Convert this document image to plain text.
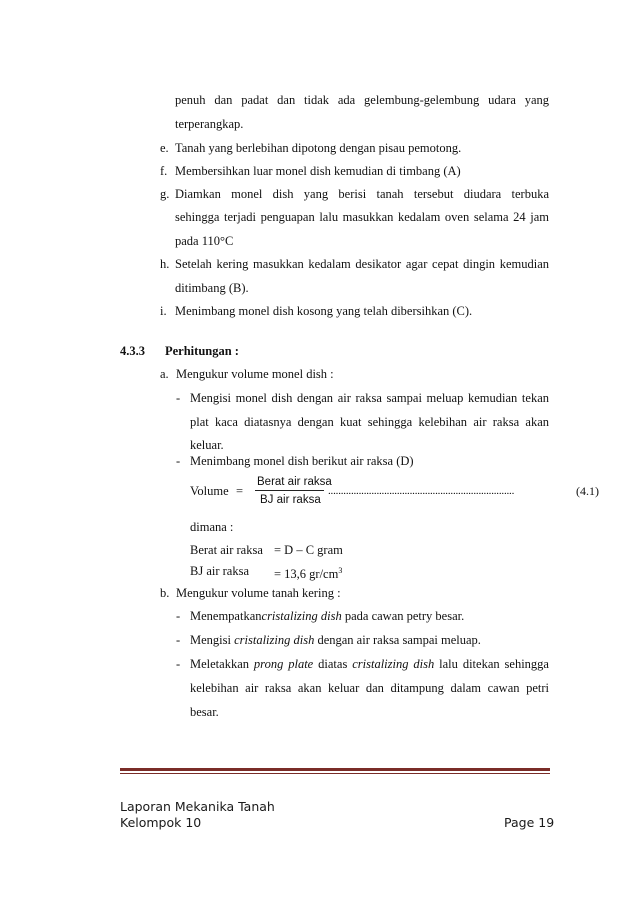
penuh dan padat dan tidak ada gelembung-gelembung udara yang
terperangkap.
e. Tanah yang berlebihan dipotong dengan pisau pemotong.
f. Membersihkan luar monel dish kemudian di timbang (A)
g. Diamkan monel dish yang berisi tanah tersebut diudara terbuka
sehingga terjadi penguapan lalu masukkan kedalam oven selama 24 jam
pada 110°C
h. Setelah kering masukkan kedalam desikator agar cepat dingin kemudian
ditimbang (B).
i. Menimbang monel dish kosong yang telah dibersihkan (C).
4.3.3 Perhitungan :
a. Mengukur volume monel dish :
- Mengisi monel dish dengan air raksa sampai meluap kemudian tekan
plat kaca diatasnya dengan kuat sehingga kelebihan air raksa akan
keluar.
- Menimbang monel dish berikut air raksa (D)
Volume =
Berat air raksa
BJ air raksa
.........................................................................	(4.1)
dimana :
Berat air raksa = D – C gram
BJ air raksa = 13,6 $gr/cm^3$
b. Mengukur volume tanah kering :
- Menempatkancristalizing dish pada cawan petry besar.
- Mengisi cristalizing dish dengan air raksa sampai meluap.
- Meletakkan prong plate diatas cristalizing dish lalu ditekan sehingga
kelebihan air raksa akan keluar dan ditampung dalam cawan petri
besar.
Laporan Mekanika Tanah
Kelompok 10	Page 19
